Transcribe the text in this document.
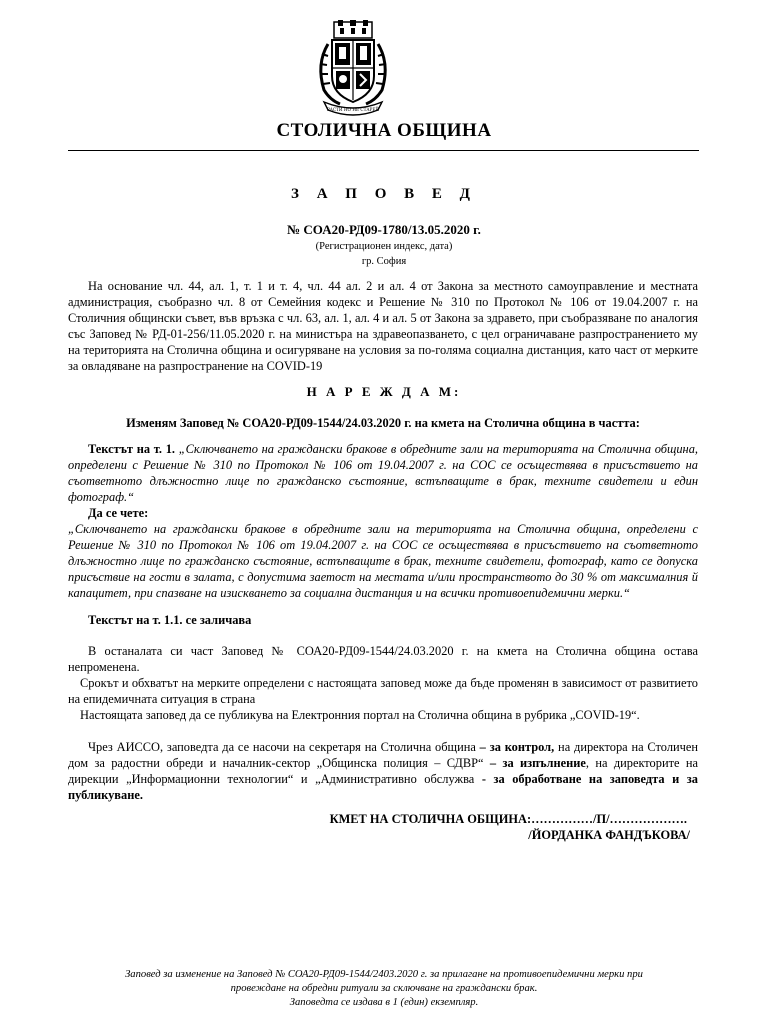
РАСТИ НО НЕ СТАРЕЙ
СТОЛИЧНА ОБЩИНА
З А П О В Е Д
№ СОА20-РД09-1780/13.05.2020 г.
(Регистрационен индекс, дата)
гр. София
На основание чл. 44, ал. 1, т. 1 и т. 4, чл. 44 ал. 2 и ал. 4 от Закона за местното самоуправление и местната администрация, съобразно чл. 8 от Семейния кодекс и Решение № 310 по Протокол № 106 от 19.04.2007 г. на Столичния общински съвет, във връзка с чл. 63, ал. 1, ал. 4 и ал. 5 от Закона за здравето, при съобразяване по аналогия със Заповед № РД-01-256/11.05.2020 г. на министъра на здравеопазването, с цел ограничаване разпространението му на територията на Столична община и осигуряване на условия за по-голяма социална дистанция, като част от мерките за овладяване на разпространение на COVID-19
Н А Р Е Ж Д А М:
Изменям Заповед № СОА20-РД09-1544/24.03.2020 г. на кмета на Столична община в частта:
Текстът на т. 1. „Сключването на граждански бракове в обредните зали на територията на Столична община, определени с Решение № 310 по Протокол № 106 от 19.04.2007 г. на СОС се осъществява в присъствието на съответното длъжностно лице по гражданско състояние, встъпващите в брак, техните свидетели и един фотограф.“
Да се чете:
„Сключването на граждански бракове в обредните зали на територията на Столична община, определени с Решение № 310 по Протокол № 106 от 19.04.2007 г. на СОС се осъществява в присъствието на съответното длъжностно лице по гражданско състояние, встъпващите в брак, техните свидетели, фотограф, като се допуска присъствие на гости в залата, с допустима заетост на местата и/или пространството до 30 % от максималния й капацитет, при спазване на изискването за социална дистанция и на всички противоепидемични мерки.“
Текстът на т. 1.1. се заличава
В останалата си част Заповед № СОА20-РД09-1544/24.03.2020 г. на кмета на Столична община остава непроменена.
Срокът и обхватът на мерките определени с настоящата заповед може да бъде променян в зависимост от развитието на епидемичната ситуация в страна
Настоящата заповед да се публикува на Електронния портал на Столична община в рубрика „COVID-19“.
Чрез АИССО, заповедта да се насочи на секретаря на Столична община – за контрол, на директора на Столичен дом за радостни обреди и началник-сектор „Общинска полиция – СДВР“ – за изпълнение, на директорите на дирекции „Информационни технологии“ и „Административно обслужва - за обработване на заповедта и за публикуване.
КМЕТ НА СТОЛИЧНА ОБЩИНА:……………/П/……………….
/ЙОРДАНКА ФАНДЪКОВА/
Заповед за изменение на Заповед № СОА20-РД09-1544/2403.2020 г. за прилагане на противоепидемични мерки при
провеждане на обредни ритуали за сключване на граждански брак.
Заповедта се издава в 1 (един) екземпляр.
